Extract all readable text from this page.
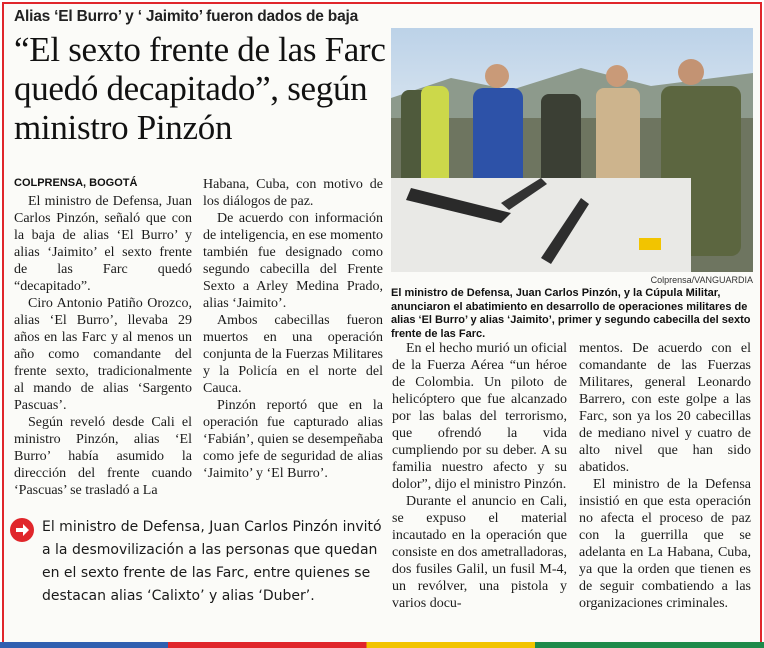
Alias ‘El Burro’ y ‘ Jaimito’ fueron dados de baja
“El sexto frente de las Farc quedó decapitado”, según ministro Pinzón
COLPRENSA, BOGOTÁ

El ministro de Defensa, Juan Carlos Pinzón, señaló que con la baja de alias ‘El Burro’ y alias ‘Jaimito’ el sexto frente de las Farc quedó “decapitado”.

Ciro Antonio Patiño Orozco, alias ‘El Burro’, llevaba 29 años en las Farc y al menos un año como comandante del frente sexto, tradicionalmente al mando de alias ‘Sargento Pascuas’.

Según reveló desde Cali el ministro Pinzón, alias ‘El Burro’ había asumido la dirección del frente cuando ‘Pascuas’ se trasladó a La

Habana, Cuba, con motivo de los diálogos de paz.

De acuerdo con información de inteligencia, en ese momento también fue designado como segundo cabecilla del Frente Sexto a Arley Medina Prado, alias ‘Jaimito’.

Ambos cabecillas fueron muertos en una operación conjunta de la Fuerzas Militares y la Policía en el norte del Cauca.

Pinzón reportó que en la operación fue capturado alias ‘Fabián’, quien se desempeñaba como jefe de seguridad de alias ‘Jaimito’ y ‘El Burro’.

Colprensa/VANGUARDIA
El ministro de Defensa, Juan Carlos Pinzón, y la Cúpula Militar, anunciaron el abatimiento en desarrollo de operaciones militares de alias ‘El Burro’ y alias ‘Jaimito’, primer y segundo cabecilla del sexto frente de las Farc.

En el hecho murió un oficial de la Fuerza Aérea “un héroe de Colombia. Un piloto de helicóptero que fue alcanzado por las balas del terrorismo, que ofrendó la vida cumpliendo por su deber. A su familia nuestro afecto y su dolor”, dijo el ministro Pinzón.

Durante el anuncio en Cali, se expuso el material incautado en la operación que consiste en dos ametralladoras, dos fusiles Galil, un fusil M-4, un revólver, una pistola y varios docu-

mentos. De acuerdo con el comandante de las Fuerzas Militares, general Leonardo Barrero, con este golpe a las Farc, son ya los 20 cabecillas de mediano nivel y cuatro de alto nivel que han sido abatidos.

El ministro de la Defensa insistió en que esta operación no afecta el proceso de paz con la guerrilla que se adelanta en La Habana, Cuba, ya que la orden que tienen es de seguir combatiendo a las organizaciones criminales.

El ministro de Defensa, Juan Carlos Pinzón invitó a la desmovilización a las personas que quedan en el sexto frente de las Farc, entre quienes se destacan alias ‘Calixto’ y alias ‘Duber’.
